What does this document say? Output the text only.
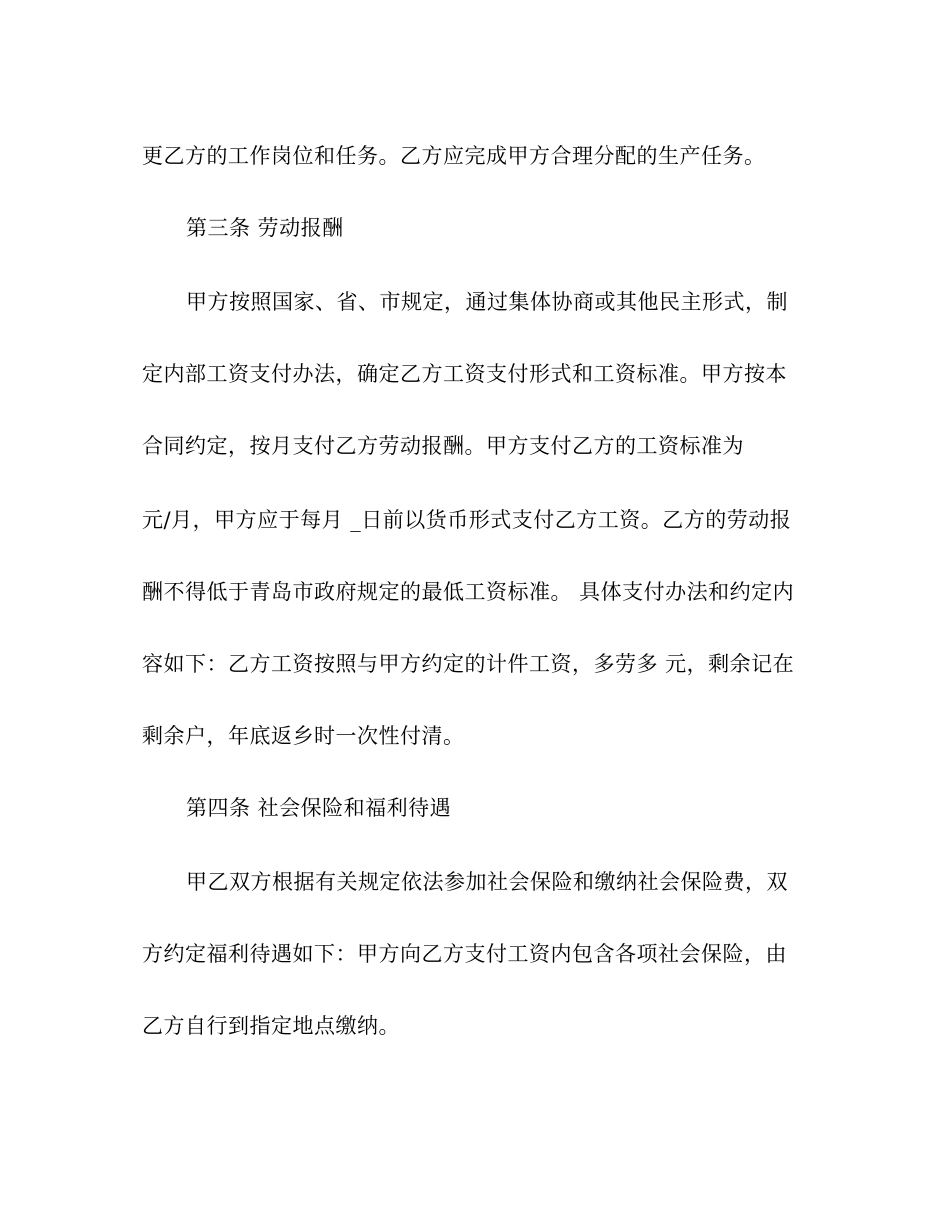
更乙方的工作岗位和任务。乙方应完成甲方合理分配的生产任务。
第三条 劳动报酬
甲方按照国家、省、市规定，通过集体协商或其他民主形式，制
定内部工资支付办法，确定乙方工资支付形式和工资标准。甲方按本
合同约定，按月支付乙方劳动报酬。甲方支付乙方的工资标准为
元/月，甲方应于每月 _日前以货币形式支付乙方工资。乙方的劳动报
酬不得低于青岛市政府规定的最低工资标准。 具体支付办法和约定内
容如下：乙方工资按照与甲方约定的计件工资，多劳多 元，剩余记在
剩余户，年底返乡时一次性付清。
第四条 社会保险和福利待遇
甲乙双方根据有关规定依法参加社会保险和缴纳社会保险费，双
方约定福利待遇如下：甲方向乙方支付工资内包含各项社会保险，由
乙方自行到指定地点缴纳。
